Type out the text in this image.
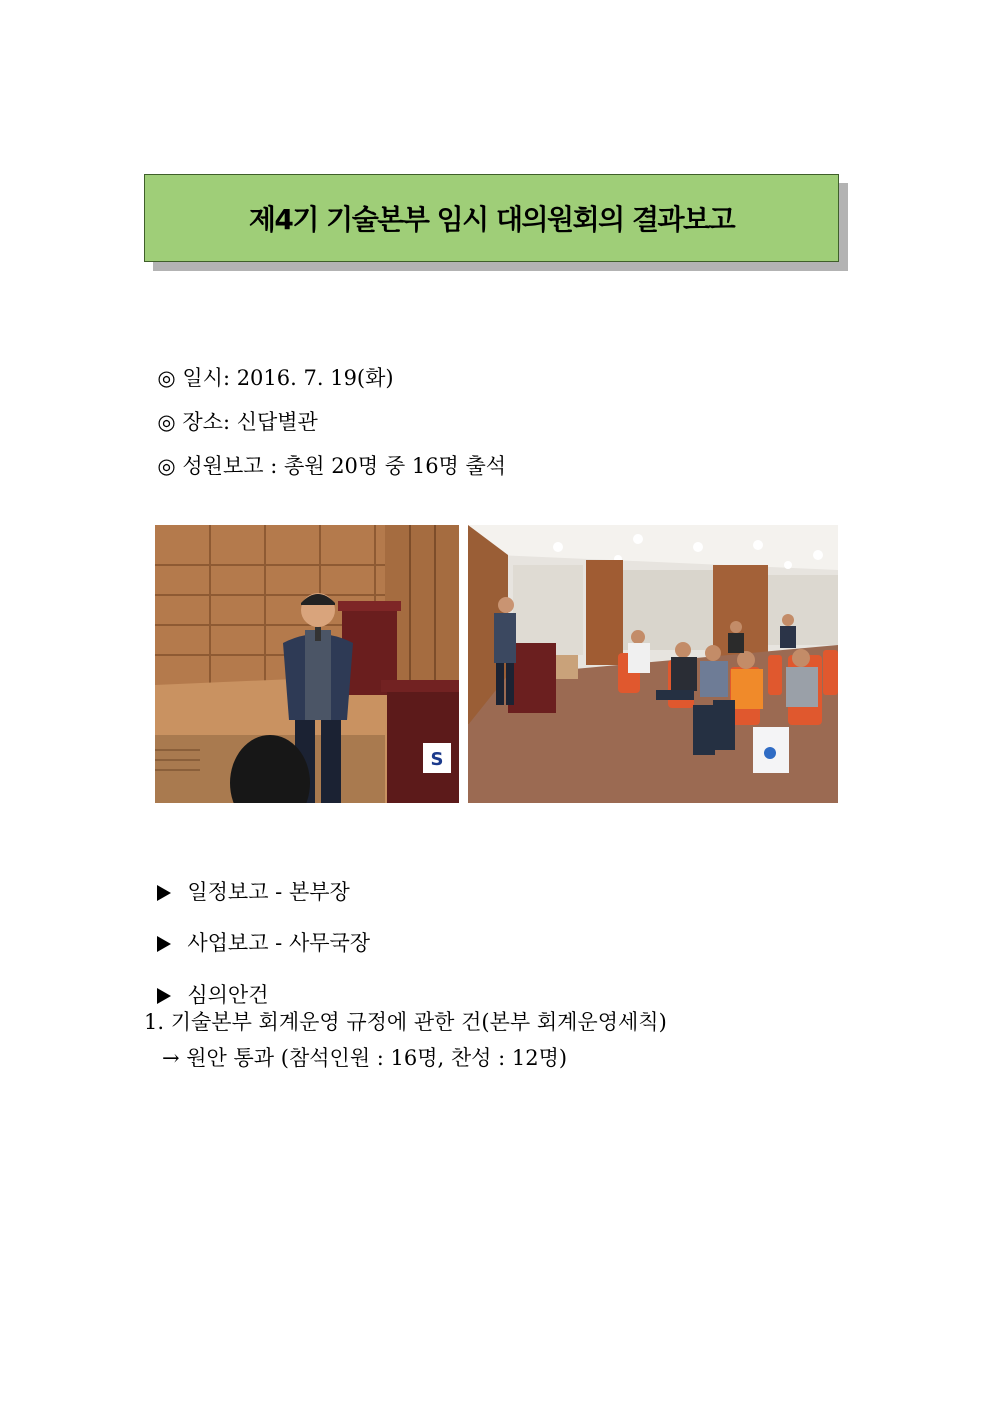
제4기 기술본부 임시 대의원회의 결과보고

◎ 일시: 2016. 7. 19(화)

◎ 장소: 신답별관

◎ 성원보고 : 총원 20명 중 16명 출석

S

일정보고 - 본부장

사업보고 - 사무국장

심의안건

1. 기술본부 회계운영 규정에 관한 건(본부 회계운영세칙)
→ 원안 통과 (참석인원 : 16명, 찬성 : 12명)
